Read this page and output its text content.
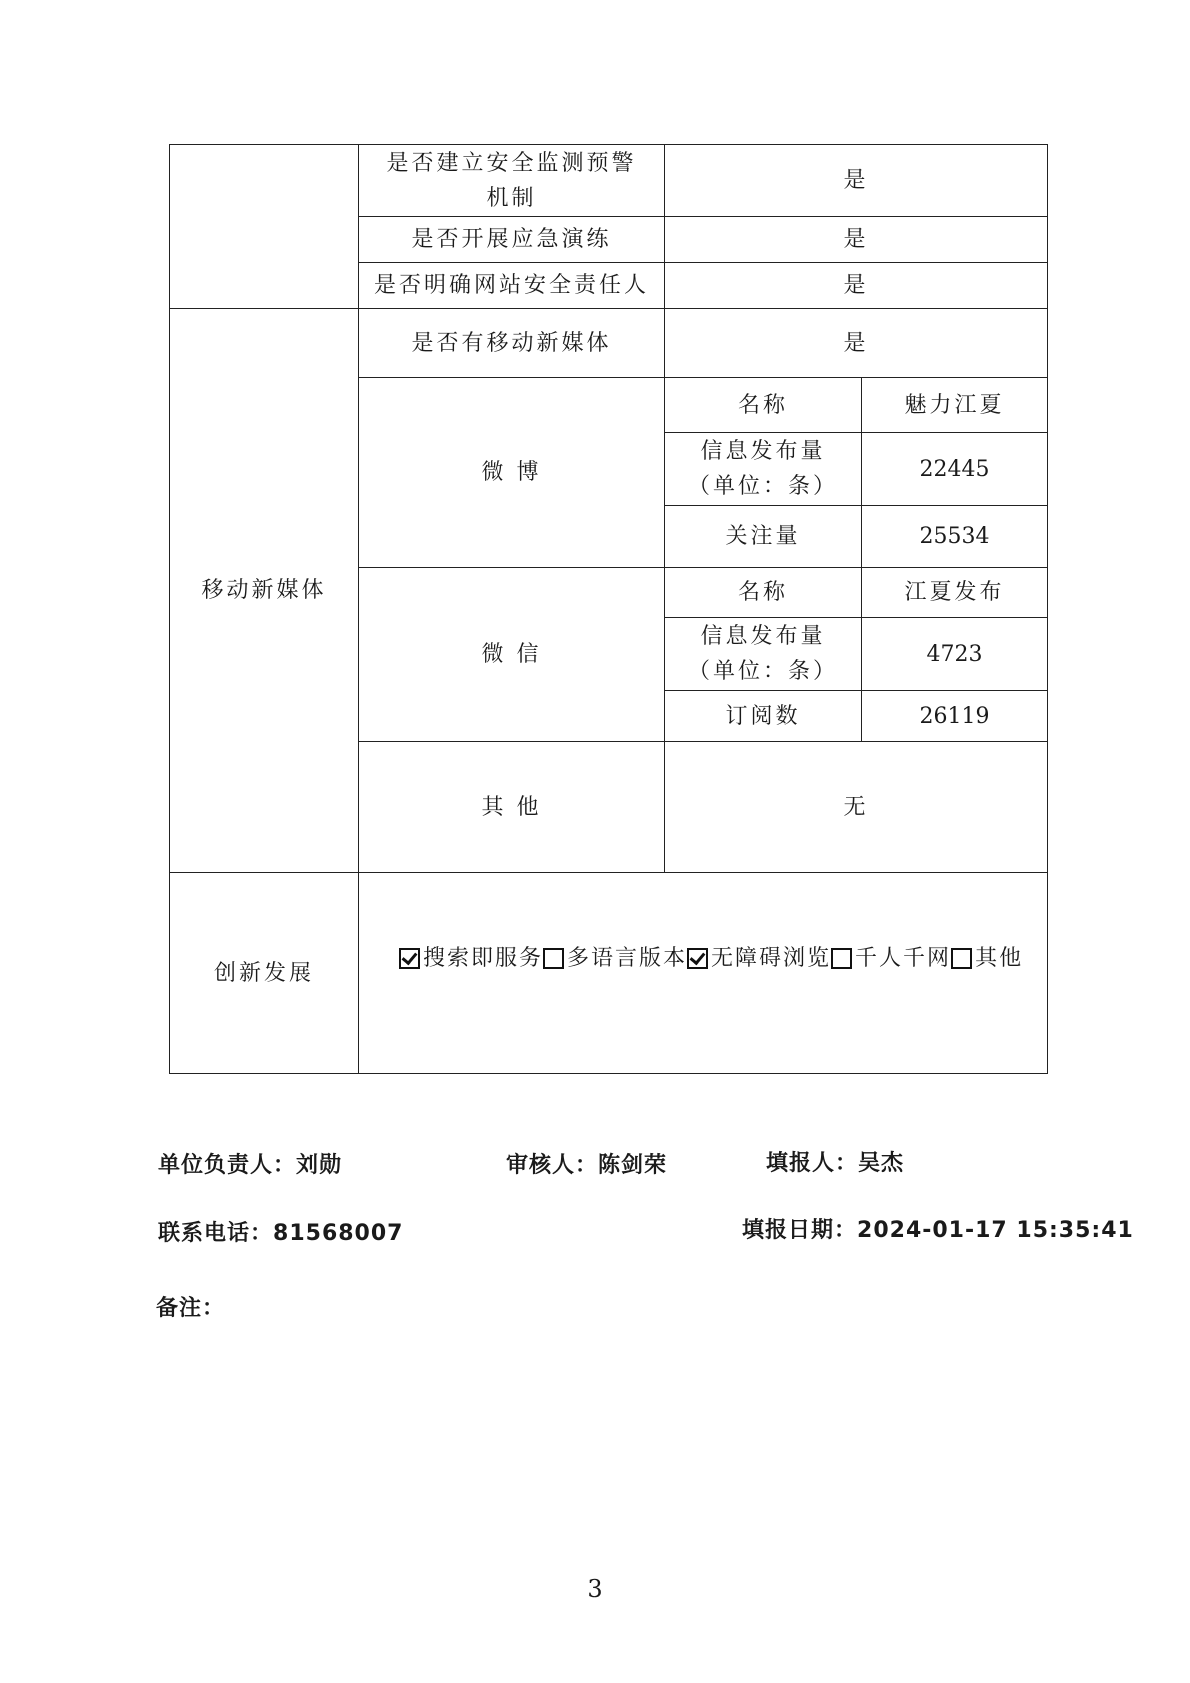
	是否建立安全监测预警
机制	是	
	是否开展应急演练	是	
	是否明确网站安全责任人	是	
移动新媒体	是否有移动新媒体	是	
	微 博	名称	魅力江夏

		信息发布量
（单位：条）	22445
		关注量	25534
	微 信	名称	江夏发布

		信息发布量
（单位：条）	4723
		订阅数	26119
	其 他	无	
创新发展	搜索即服务 多语言版本 无障碍浏览 千人千网 其他		
单位负责人：刘勋	审核人：陈剑荣	填报人：吴杰
联系电话：81568007	填报日期：2024-01-17 15:35:41
备注：
3
